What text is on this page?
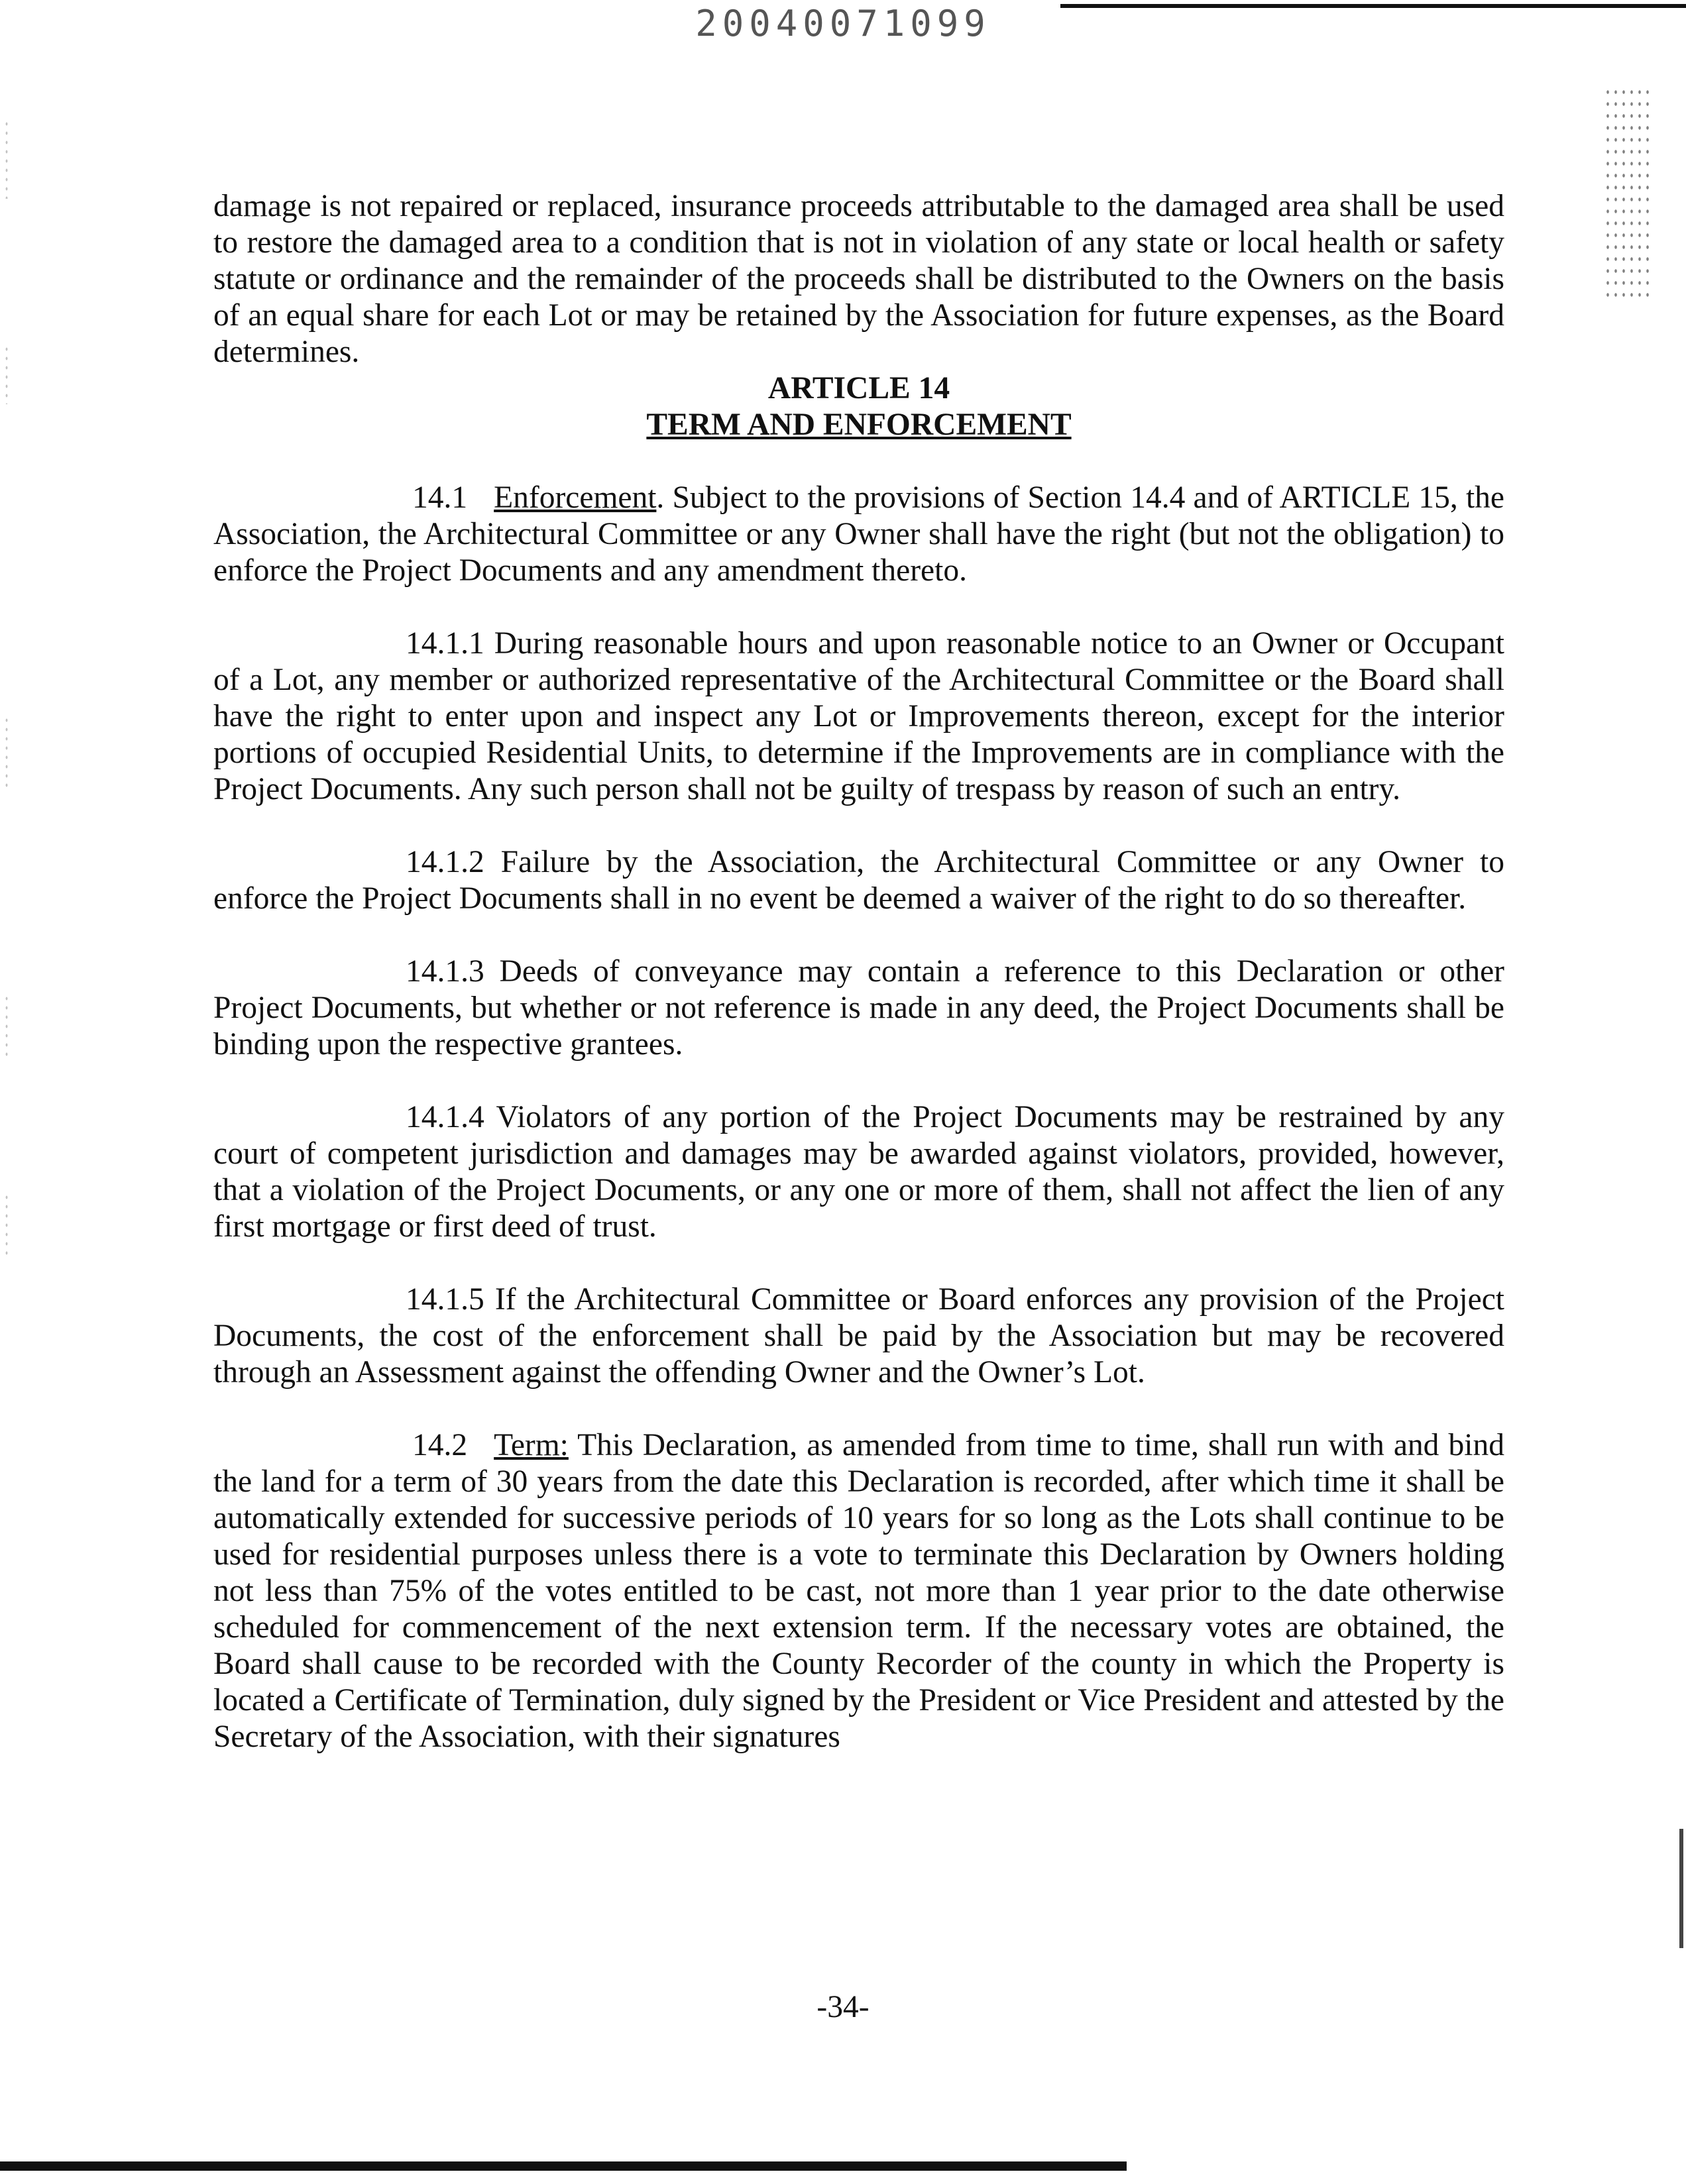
20040071099

damage is not repaired or replaced, insurance proceeds attributable to the damaged area shall be used to restore the damaged area to a condition that is not in violation of any state or local health or safety statute or ordinance and the remainder of the proceeds shall be distributed to the Owners on the basis of an equal share for each Lot or may be retained by the Association for future expenses, as the Board determines.

ARTICLE 14

TERM AND ENFORCEMENT

14.1 Enforcement. Subject to the provisions of Section 14.4 and of ARTICLE 15, the Association, the Architectural Committee or any Owner shall have the right (but not the obligation) to enforce the Project Documents and any amendment thereto.

14.1.1 During reasonable hours and upon reasonable notice to an Owner or Occupant of a Lot, any member or authorized representative of the Architectural Committee or the Board shall have the right to enter upon and inspect any Lot or Improvements thereon, except for the interior portions of occupied Residential Units, to determine if the Improvements are in compliance with the Project Documents. Any such person shall not be guilty of trespass by reason of such an entry.

14.1.2 Failure by the Association, the Architectural Committee or any Owner to enforce the Project Documents shall in no event be deemed a waiver of the right to do so thereafter.

14.1.3 Deeds of conveyance may contain a reference to this Declaration or other Project Documents, but whether or not reference is made in any deed, the Project Documents shall be binding upon the respective grantees.

14.1.4 Violators of any portion of the Project Documents may be restrained by any court of competent jurisdiction and damages may be awarded against violators, provided, however, that a violation of the Project Documents, or any one or more of them, shall not affect the lien of any first mortgage or first deed of trust.

14.1.5 If the Architectural Committee or Board enforces any provision of the Project Documents, the cost of the enforcement shall be paid by the Association but may be recovered through an Assessment against the offending Owner and the Owner’s Lot.

14.2 Term: This Declaration, as amended from time to time, shall run with and bind the land for a term of 30 years from the date this Declaration is recorded, after which time it shall be automatically extended for successive periods of 10 years for so long as the Lots shall continue to be used for residential purposes unless there is a vote to terminate this Declaration by Owners holding not less than 75% of the votes entitled to be cast, not more than 1 year prior to the date otherwise scheduled for commencement of the next extension term. If the necessary votes are obtained, the Board shall cause to be recorded with the County Recorder of the county in which the Property is located a Certificate of Termination, duly signed by the President or Vice President and attested by the Secretary of the Association, with their signatures

-34-
